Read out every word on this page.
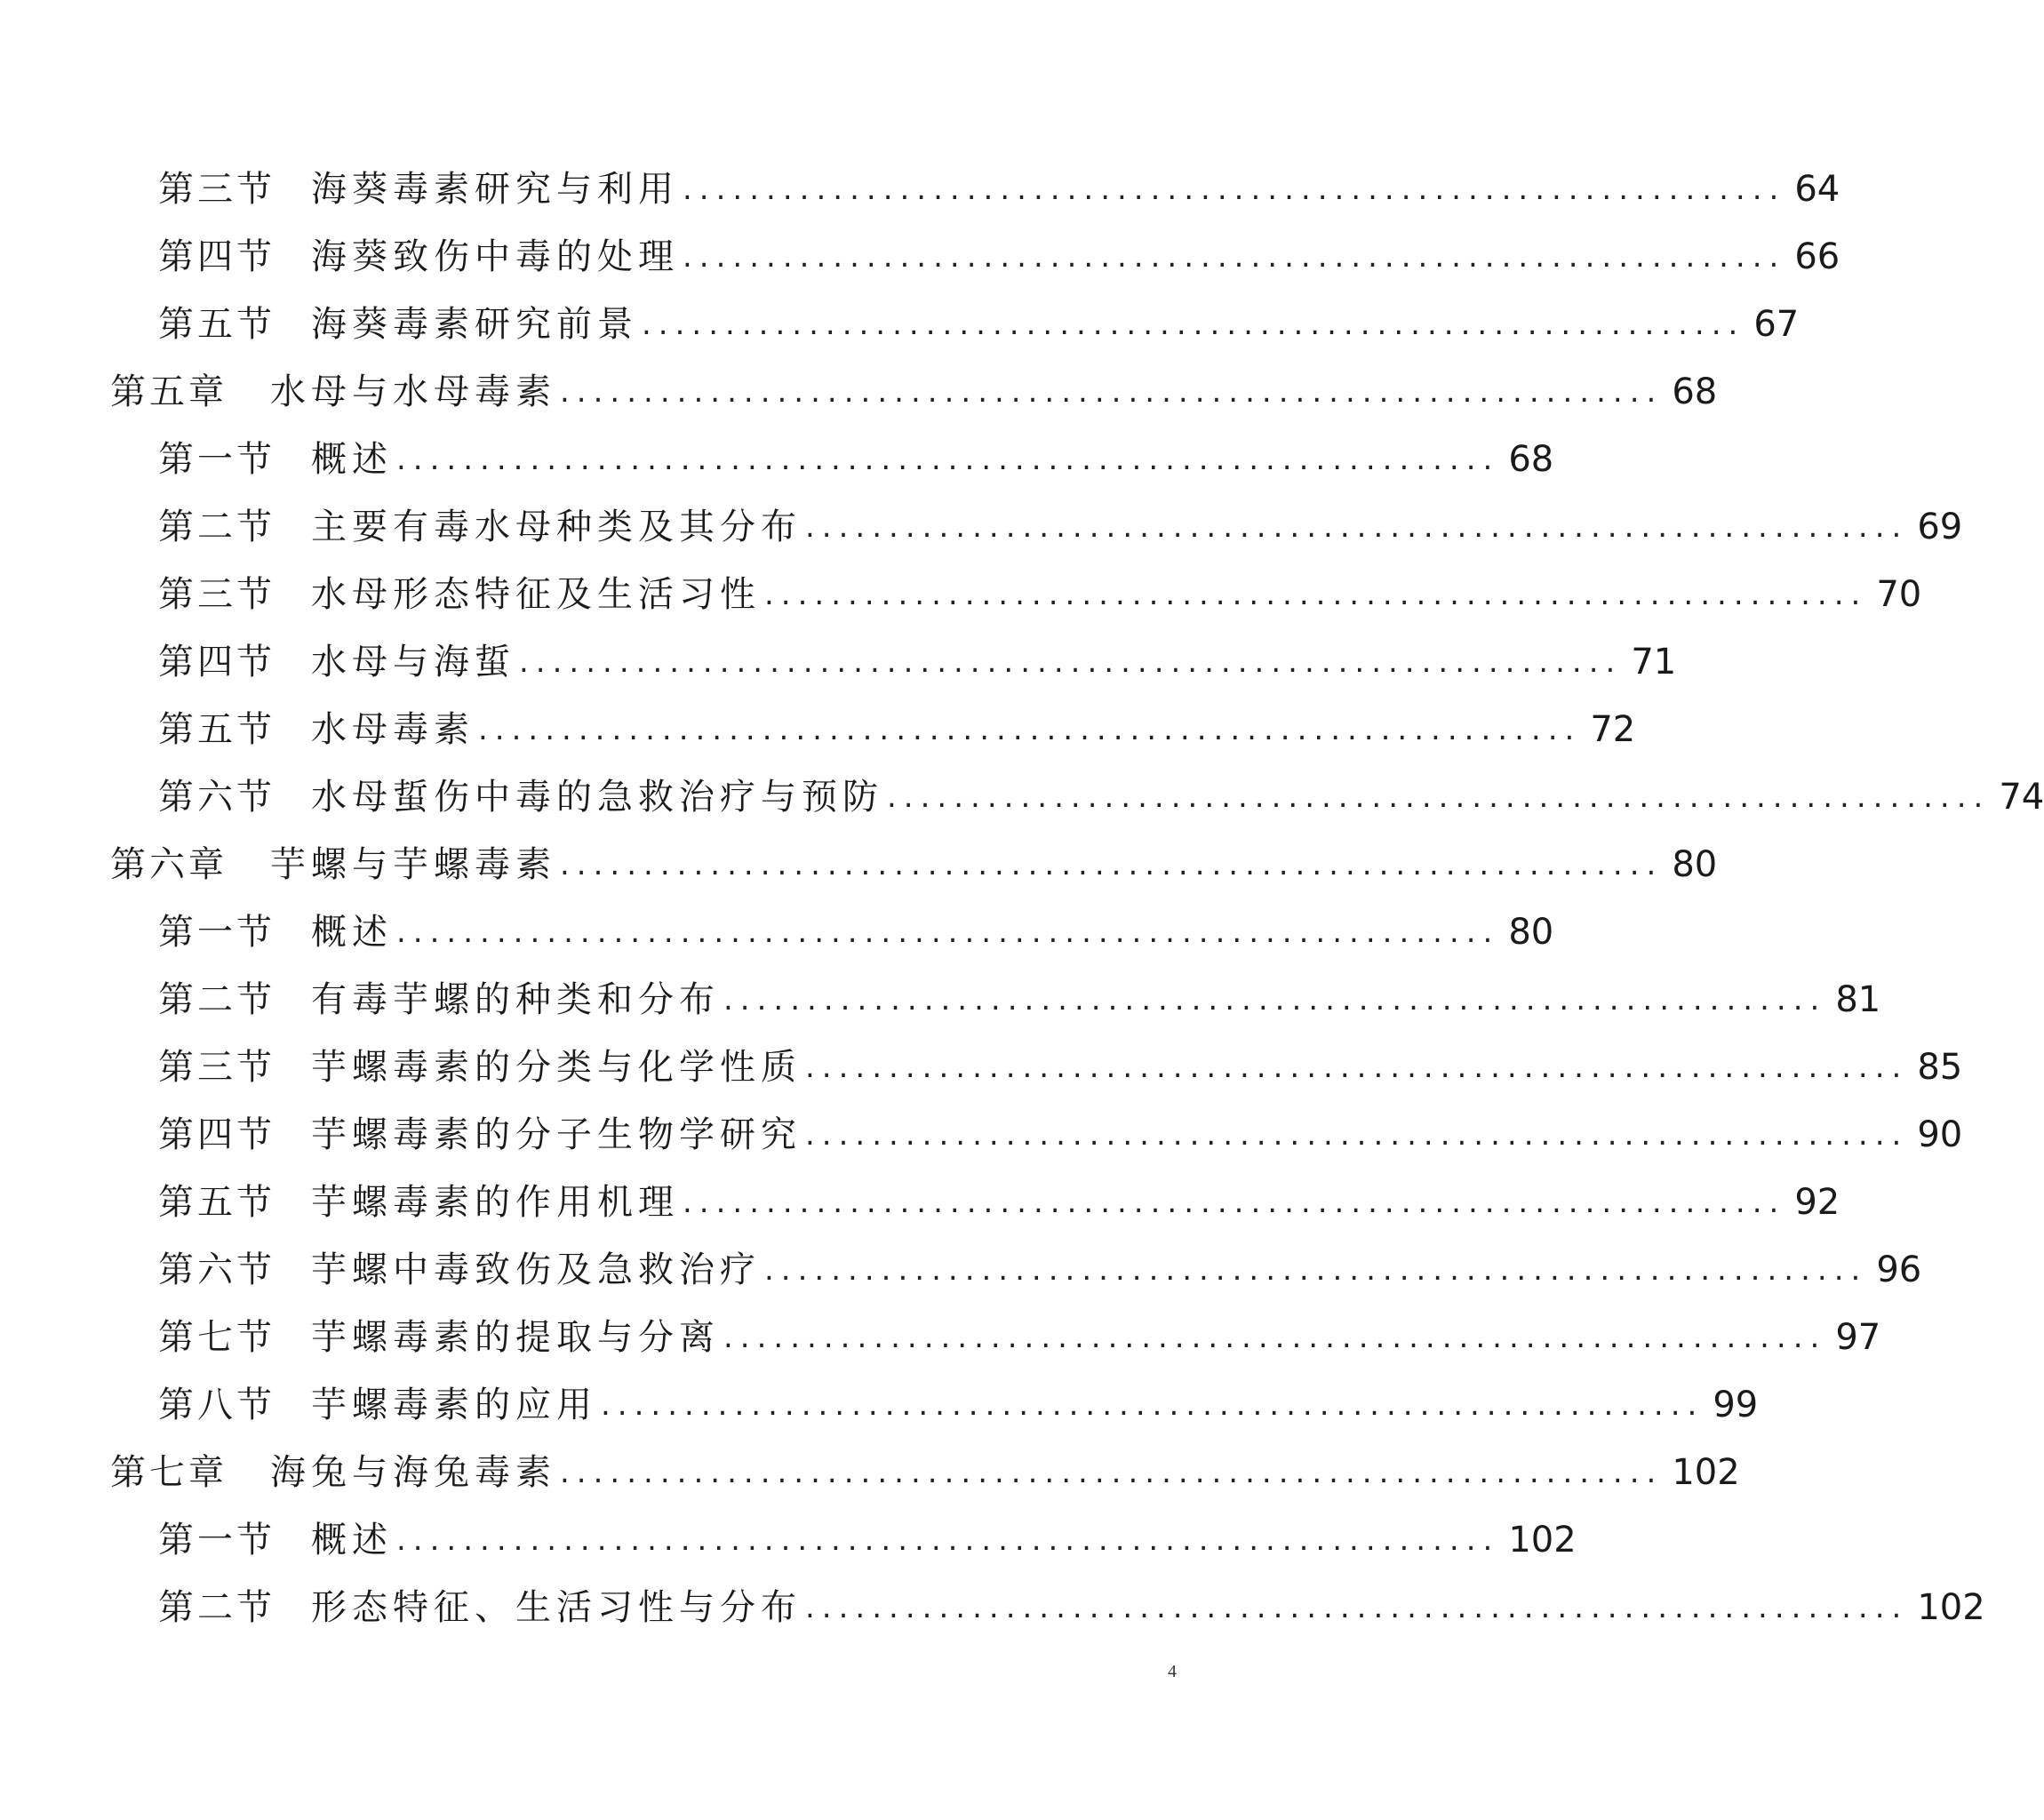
第三节 海葵毒素研究与利用 .................................................................. 64
第四节 海葵致伤中毒的处理 .................................................................. 66
第五节 海葵毒素研究前景 .................................................................. 67
第五章 水母与水母毒素 .................................................................. 68
第一节 概述 .................................................................. 68
第二节 主要有毒水母种类及其分布 .................................................................. 69
第三节 水母形态特征及生活习性 .................................................................. 70
第四节 水母与海蜇 .................................................................. 71
第五节 水母毒素 .................................................................. 72
第六节 水母蜇伤中毒的急救治疗与预防 .................................................................. 74
第六章 芋螺与芋螺毒素 .................................................................. 80
第一节 概述 .................................................................. 80
第二节 有毒芋螺的种类和分布 .................................................................. 81
第三节 芋螺毒素的分类与化学性质 .................................................................. 85
第四节 芋螺毒素的分子生物学研究 .................................................................. 90
第五节 芋螺毒素的作用机理 .................................................................. 92
第六节 芋螺中毒致伤及急救治疗 .................................................................. 96
第七节 芋螺毒素的提取与分离 .................................................................. 97
第八节 芋螺毒素的应用 .................................................................. 99
第七章 海兔与海兔毒素 .................................................................. 102
第一节 概述 .................................................................. 102
第二节 形态特征、生活习性与分布 .................................................................. 102
4
